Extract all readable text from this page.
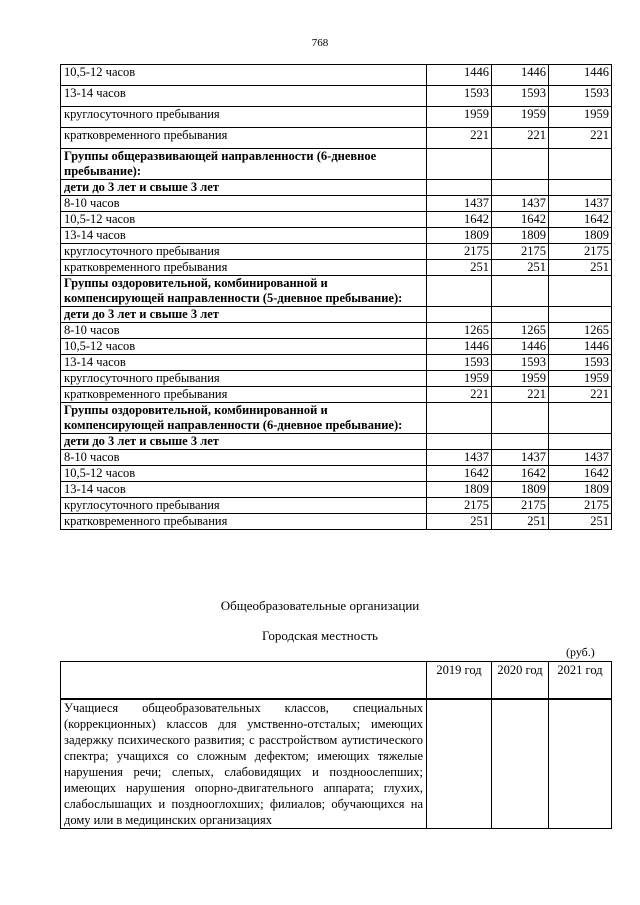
768
10,5-12 часов	1446	1446	1446
13-14 часов	1593	1593	1593
круглосуточного пребывания	1959	1959	1959
кратковременного пребывания	221	221	221
Группы общеразвивающей направленности (6-дневное пребывание):			
дети до 3 лет и свыше 3 лет			
8-10 часов	1437	1437	1437
10,5-12 часов	1642	1642	1642
13-14 часов	1809	1809	1809
круглосуточного пребывания	2175	2175	2175
кратковременного пребывания	251	251	251
Группы оздоровительной, комбинированной и компенсирующей направленности (5-дневное пребывание):			
дети до 3 лет и свыше 3 лет			
8-10 часов	1265	1265	1265
10,5-12 часов	1446	1446	1446
13-14 часов	1593	1593	1593
круглосуточного пребывания	1959	1959	1959
кратковременного пребывания	221	221	221
Группы оздоровительной, комбинированной и компенсирующей направленности (6-дневное пребывание):			
дети до 3 лет и свыше 3 лет			
8-10 часов	1437	1437	1437
10,5-12 часов	1642	1642	1642
13-14 часов	1809	1809	1809
круглосуточного пребывания	2175	2175	2175
кратковременного пребывания	251	251	251
Общеобразовательные организации
Городская местность
(руб.)
	2019 год	2020 год	2021 год
Учащиеся общеобразовательных классов, специальных (коррекционных) классов для умственно-отсталых; имеющих задержку психического развития; с расстройством аутистического спектра; учащихся со сложным дефектом; имеющих тяжелые нарушения речи; слепых, слабовидящих и поздноослепших; имеющих нарушения опорно-двигательного аппарата; глухих, слабослышащих и позднооглохших; филиалов; обучающихся на дому или в медицинских организациях			
